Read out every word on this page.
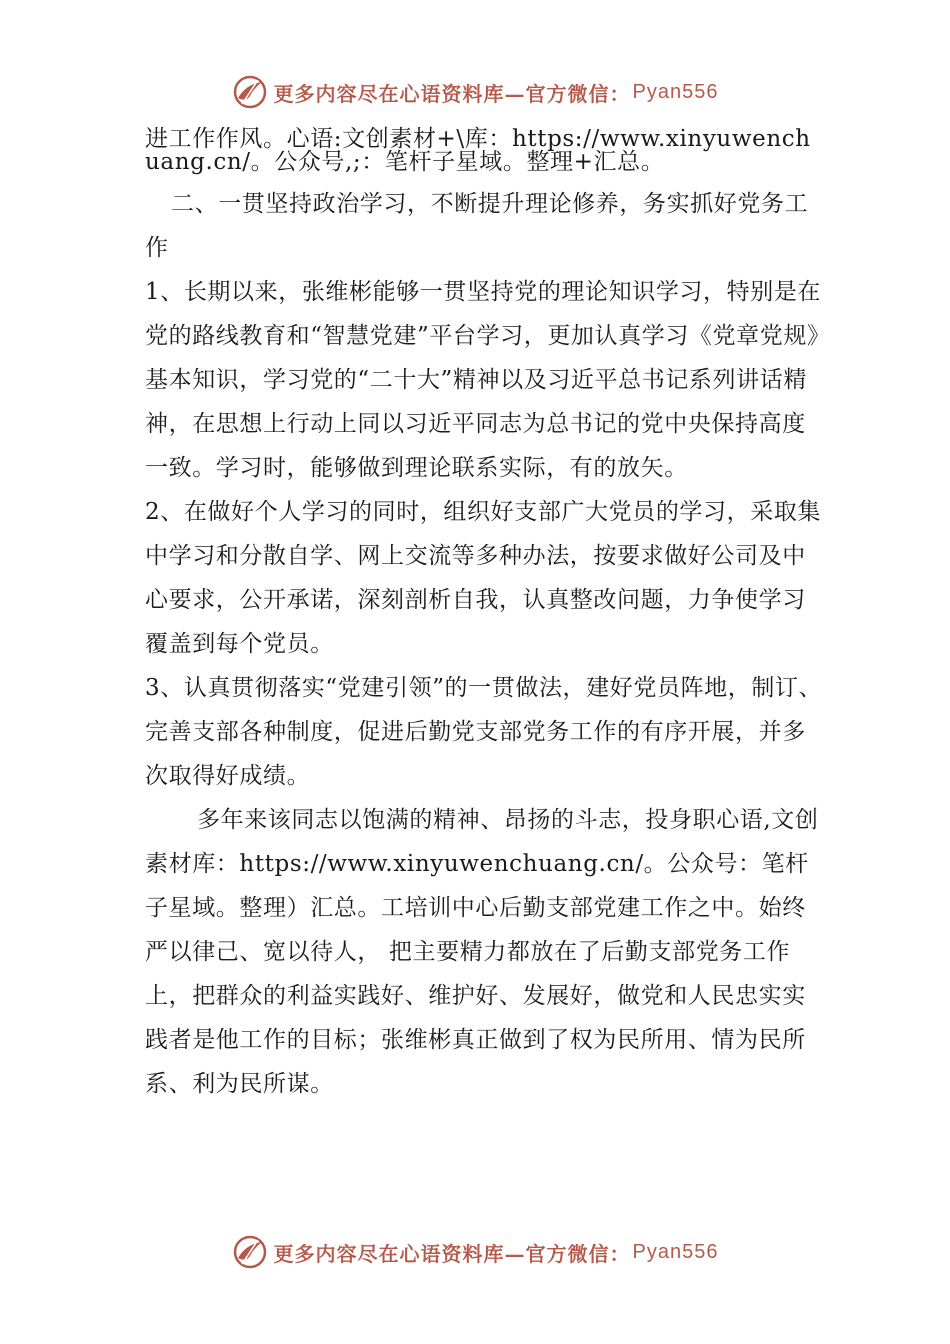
更多内容尽在心语资料库—官方微信： Pyan556

进工作作风。心语:文创素材+\库：https://www.xinyuwenchuang.cn/。公众号,;：笔杆子星域。整理+汇总。

二、一贯坚持政治学习，不断提升理论修养，务实抓好党务工作

1、长期以来，张维彬能够一贯坚持党的理论知识学习，特别是在党的路线教育和“智慧党建”平台学习，更加认真学习《党章党规》基本知识，学习党的“二十大”精神以及习近平总书记系列讲话精神，在思想上行动上同以习近平同志为总书记的党中央保持高度一致。学习时，能够做到理论联系实际，有的放矢。

2、在做好个人学习的同时，组织好支部广大党员的学习，采取集中学习和分散自学、网上交流等多种办法，按要求做好公司及中心要求，公开承诺，深刻剖析自我，认真整改问题，力争使学习覆盖到每个党员。

3、认真贯彻落实“党建引领”的一贯做法，建好党员阵地，制订、完善支部各种制度，促进后勤党支部党务工作的有序开展，并多次取得好成绩。

多年来该同志以饱满的精神、昂扬的斗志，投身职心语,文创素材库：https://www.xinyuwenchuang.cn/。公众号：笔杆子星域。整理）汇总。工培训中心后勤支部党建工作之中。始终严以律己、宽以待人， 把主要精力都放在了后勤支部党务工作上，把群众的利益实践好、维护好、发展好，做党和人民忠实实践者是他工作的目标；张维彬真正做到了权为民所用、情为民所系、利为民所谋。

更多内容尽在心语资料库—官方微信： Pyan556
